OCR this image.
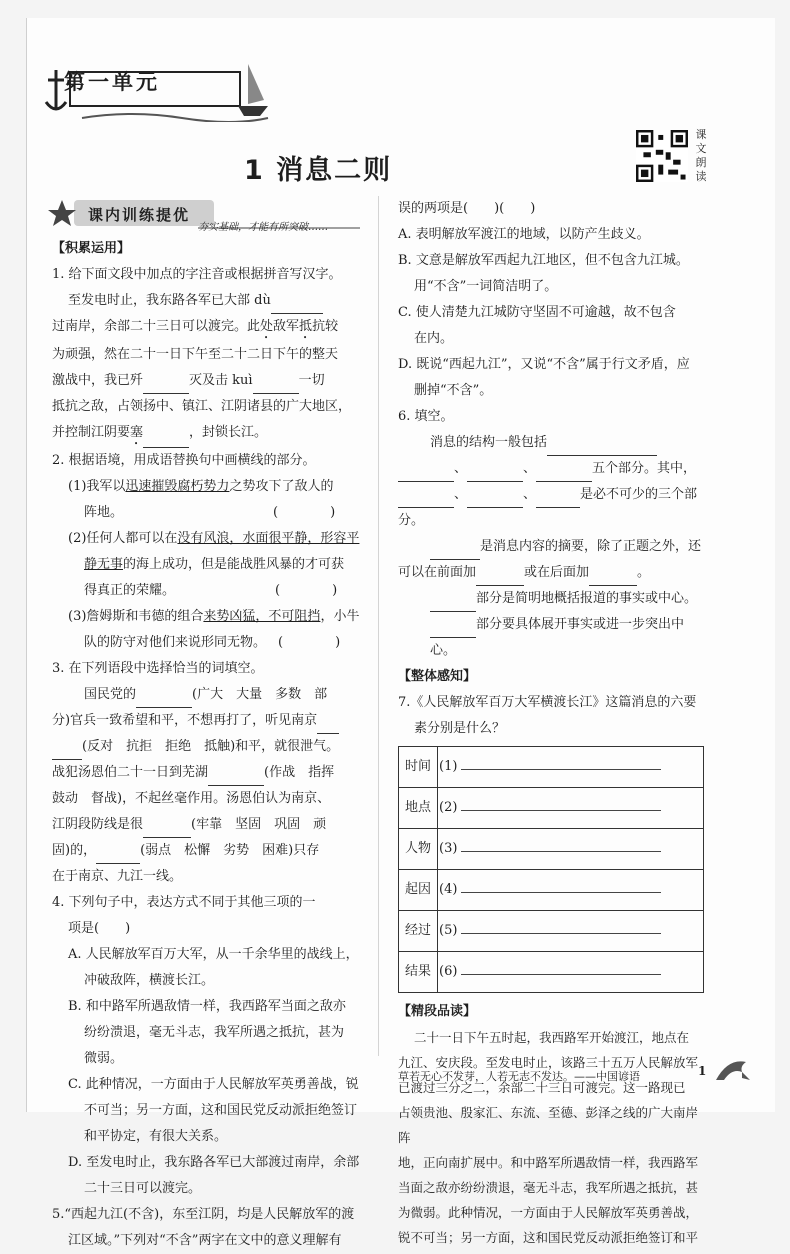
第一单元
1 消息二则
课文朗读
课内训练提优
夯实基础，才能有所突破……

【积累运用】

1. 给下面文段中加点的字注音或根据拼音写汉字。

至发电时止，我东路各军已大部 dù

过南岸，余部二十三日可以渡完。此处敌军抵抗较

为顽强，然在二十一日下午至二十二日下午的整天

激战中，我已歼	灭及击 kuì	一切

抵抗之敌，占领扬中、镇江、江阴诸县的广大地区，

并控制江阴要塞	，封锁长江。

2. 根据语境，用成语替换句中画横线的部分。

(1)我军以迅速摧毁腐朽势力之势攻下了敌人的

阵地。	(　　　　)

(2)任何人都可以在没有风浪，水面很平静，形容平

静无事的海上成功，但是能战胜风暴的才可获

得真正的荣耀。	(　　　　)

(3)詹姆斯和韦德的组合来势凶猛，不可阻挡，小牛

队的防守对他们来说形同无物。 (　　　　)

3. 在下列语段中选择恰当的词填空。

国民党的	(广大　大量　多数　部

分)官兵一致希望和平，不想再打了，听见南京

(反对　抗拒　拒绝　抵触)和平，就很泄气。

战犯汤恩伯二十一日到芜湖	(作战　指挥

鼓动　督战)，不起丝毫作用。汤恩伯认为南京、

江阴段防线是很	(牢靠　坚固　巩固　顽

固)的，	(弱点　松懈　劣势　困难)只存

在于南京、九江一线。

4. 下列句子中，表达方式不同于其他三项的一

项是(　　)

A. 人民解放军百万大军，从一千余华里的战线上，

冲破敌阵，横渡长江。

B. 和中路军所遇敌情一样，我西路军当面之敌亦

纷纷溃退，毫无斗志，我军所遇之抵抗，甚为

微弱。

C. 此种情况，一方面由于人民解放军英勇善战，锐

不可当；另一方面，这和国民党反动派拒绝签订

和平协定，有很大关系。

D. 至发电时止，我东路各军已大部渡过南岸，余部

二十三日可以渡完。

5.“西起九江(不含)，东至江阴，均是人民解放军的渡

江区域。”下列对“不含”两字在文中的意义理解有

误的两项是(　　)(　　)

A. 表明解放军渡江的地域，以防产生歧义。

B. 文意是解放军西起九江地区，但不包含九江城。

用“不含”一词简洁明了。

C. 使人清楚九江城防守坚固不可逾越，故不包含

在内。

D. 既说“西起九江”，又说“不含”属于行文矛盾，应

删掉“不含”。

6. 填空。

消息的结构一般包括

、	、	五个部分。其中，

、	、	是必不可少的三个部

分。

是消息内容的摘要，除了正题之外，还

可以在前面加	或在后面加	。

部分是简明地概括报道的事实或中心。

部分要具体展开事实或进一步突出中心。

【整体感知】

7.《人民解放军百万大军横渡长江》这篇消息的六要

素分别是什么？

时间	(1)
地点	(2)
人物	(3)
起因	(4)
经过	(5)
结果	(6)

【精段品读】

二十一日下午五时起，我西路军开始渡江，地点在

九江、安庆段。至发电时止，该路三十五万人民解放军

已渡过三分之二，余部二十三日可渡完。这一路现已

占领贵池、殷家汇、东流、至德、彭泽之线的广大南岸阵

地，正向南扩展中。和中路军所遇敌情一样，我西路军

当面之敌亦纷纷溃退，毫无斗志，我军所遇之抵抗，甚

为微弱。此种情况，一方面由于人民解放军英勇善战，

锐不可当；另一方面，这和国民党反动派拒绝签订和平

草若无心不发芽，人若无志不发达。——中国谚语	1
